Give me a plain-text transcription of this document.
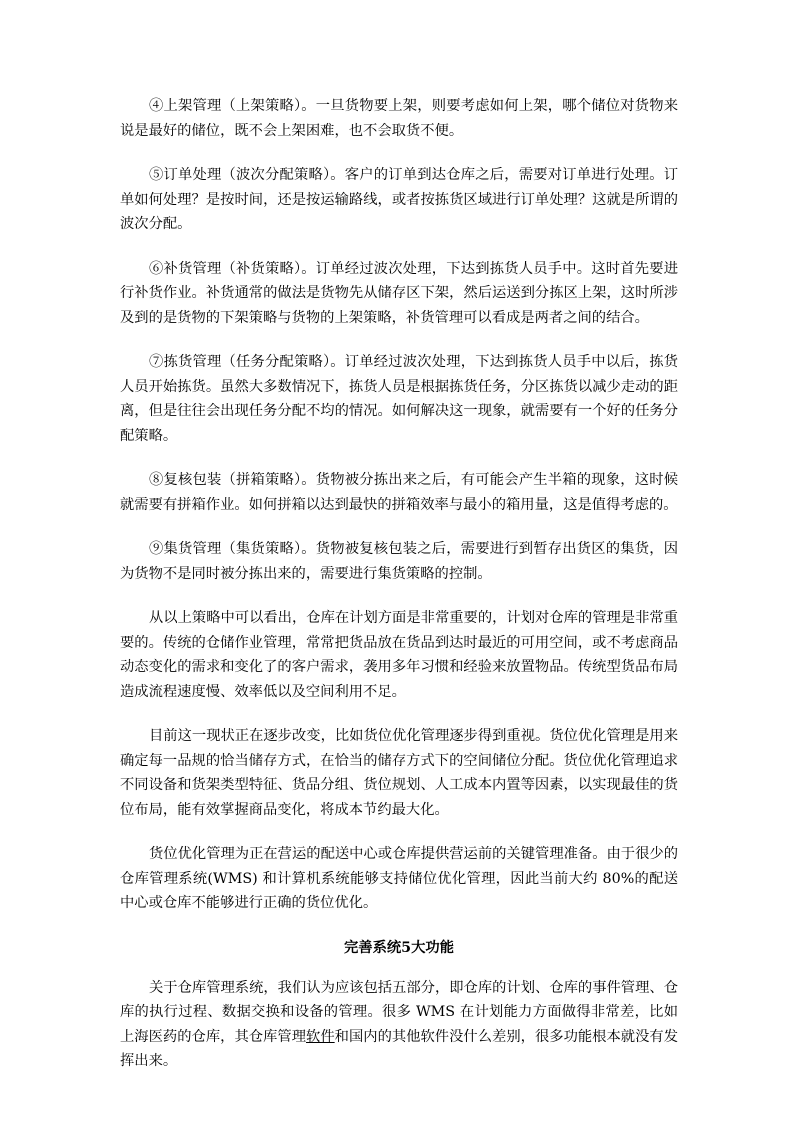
④上架管理（上架策略）。一旦货物要上架，则要考虑如何上架，哪个储位对货物来说是最好的储位，既不会上架困难，也不会取货不便。

⑤订单处理（波次分配策略）。客户的订单到达仓库之后，需要对订单进行处理。订单如何处理？是按时间，还是按运输路线，或者按拣货区域进行订单处理？这就是所谓的波次分配。

⑥补货管理（补货策略）。订单经过波次处理，下达到拣货人员手中。这时首先要进行补货作业。补货通常的做法是货物先从储存区下架，然后运送到分拣区上架，这时所涉及到的是货物的下架策略与货物的上架策略，补货管理可以看成是两者之间的结合。

⑦拣货管理（任务分配策略）。订单经过波次处理，下达到拣货人员手中以后，拣货人员开始拣货。虽然大多数情况下，拣货人员是根据拣货任务，分区拣货以减少走动的距离，但是往往会出现任务分配不均的情况。如何解决这一现象，就需要有一个好的任务分配策略。

⑧复核包装（拼箱策略）。货物被分拣出来之后，有可能会产生半箱的现象，这时候就需要有拼箱作业。如何拼箱以达到最快的拼箱效率与最小的箱用量，这是值得考虑的。

⑨集货管理（集货策略）。货物被复核包装之后，需要进行到暂存出货区的集货，因为货物不是同时被分拣出来的，需要进行集货策略的控制。

从以上策略中可以看出，仓库在计划方面是非常重要的，计划对仓库的管理是非常重要的。传统的仓储作业管理，常常把货品放在货品到达时最近的可用空间，或不考虑商品动态变化的需求和变化了的客户需求，袭用多年习惯和经验来放置物品。传统型货品布局造成流程速度慢、效率低以及空间利用不足。

目前这一现状正在逐步改变，比如货位优化管理逐步得到重视。货位优化管理是用来确定每一品规的恰当储存方式，在恰当的储存方式下的空间储位分配。货位优化管理追求不同设备和货架类型特征、货品分组、货位规划、人工成本内置等因素，以实现最佳的货位布局，能有效掌握商品变化，将成本节约最大化。

货位优化管理为正在营运的配送中心或仓库提供营运前的关键管理准备。由于很少的仓库管理系统(WMS) 和计算机系统能够支持储位优化管理，因此当前大约 80%的配送中心或仓库不能够进行正确的货位优化。

完善系统5大功能

关于仓库管理系统，我们认为应该包括五部分，即仓库的计划、仓库的事件管理、仓库的执行过程、数据交换和设备的管理。很多 WMS 在计划能力方面做得非常差，比如上海医药的仓库，其仓库管理软件和国内的其他软件没什么差别，很多功能根本就没有发挥出来。
